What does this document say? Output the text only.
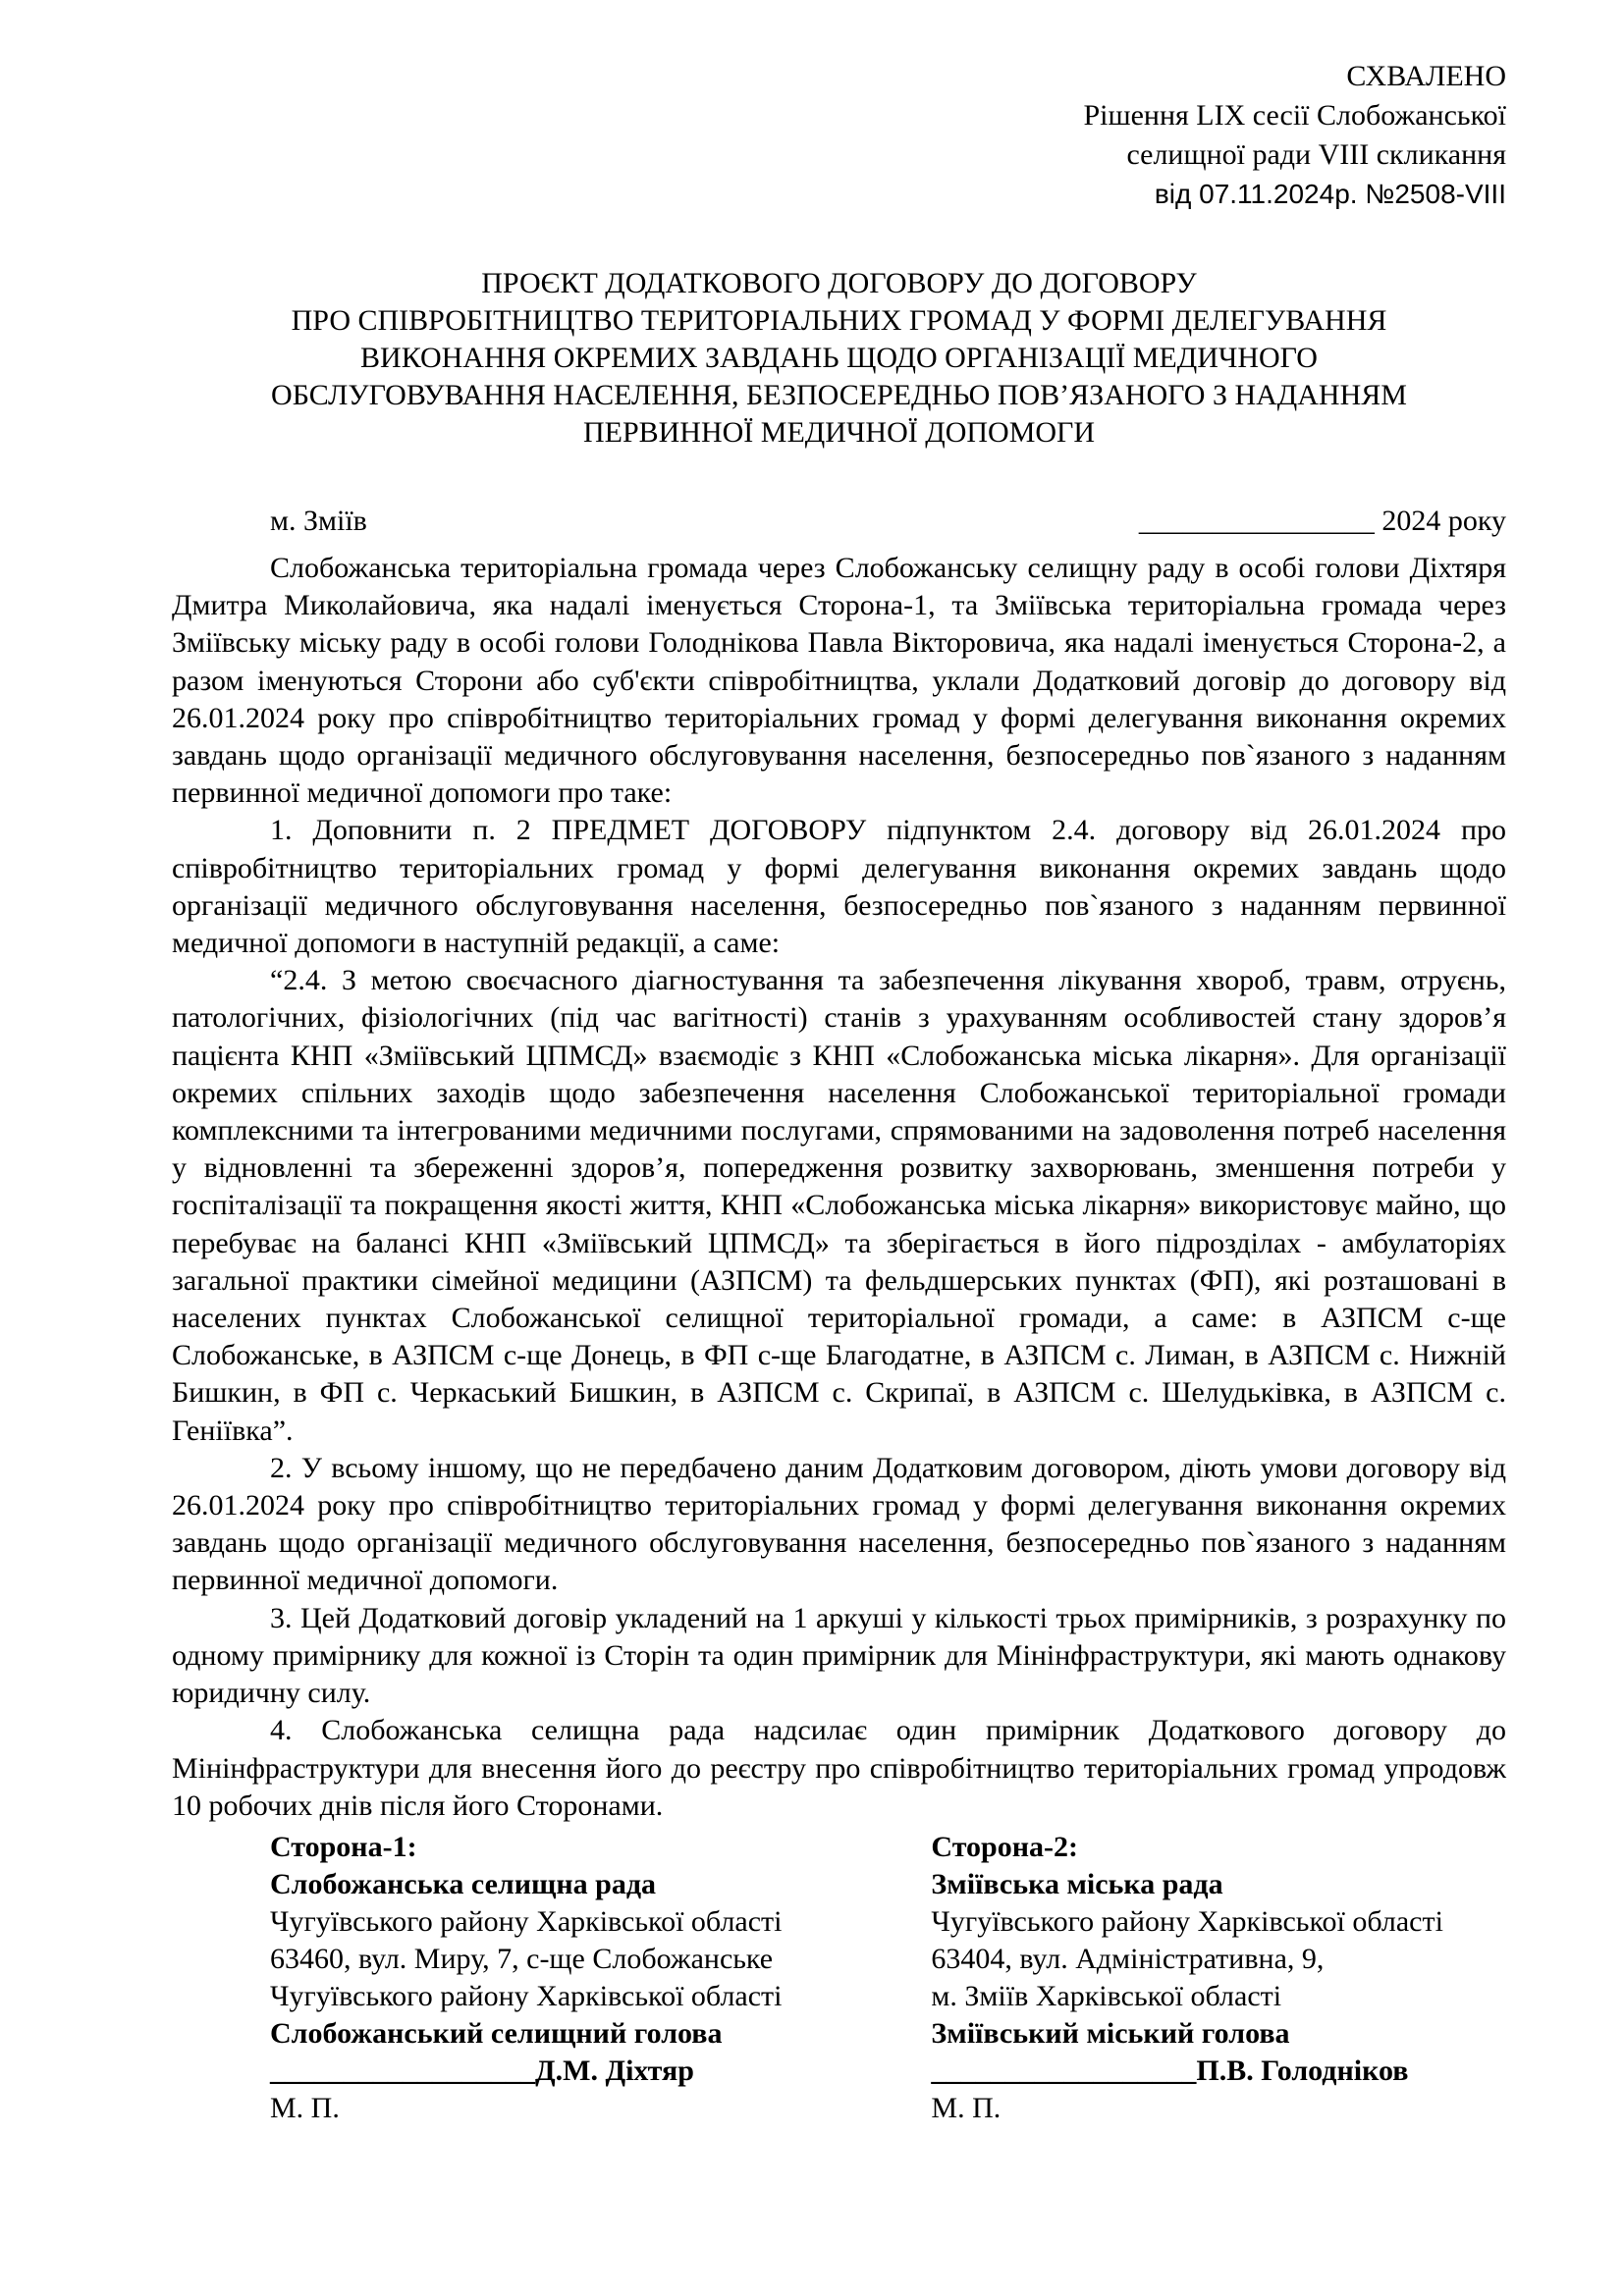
СХВАЛЕНО
Рішення LIX сесії Слобожанської
селищної ради VIII скликання
від 07.11.2024р. №2508-VIII
ПРОЄКТ ДОДАТКОВОГО ДОГОВОРУ ДО ДОГОВОРУ
ПРО СПІВРОБІТНИЦТВО ТЕРИТОРІАЛЬНИХ ГРОМАД У ФОРМІ ДЕЛЕГУВАННЯ
ВИКОНАННЯ ОКРЕМИХ ЗАВДАНЬ ЩОДО ОРГАНІЗАЦІЇ МЕДИЧНОГО
ОБСЛУГОВУВАННЯ НАСЕЛЕННЯ, БЕЗПОСЕРЕДНЬО ПОВ’ЯЗАНОГО З НАДАННЯМ
ПЕРВИННОЇ МЕДИЧНОЇ ДОПОМОГИ
м. Зміїв	________________ 2024 року

Слобожанська територіальна громада через Слобожанську селищну раду в особі голови Діхтяря Дмитра Миколайовича, яка надалі іменується Сторона-1, та Зміївська територіальна громада через Зміївську міську раду в особі голови Голоднікова Павла Вікторовича, яка надалі іменується Сторона-2, а разом іменуються Сторони або суб'єкти співробітництва, уклали Додатковий договір до договору від 26.01.2024 року про співробітництво територіальних громад у формі делегування виконання окремих завдань щодо організації медичного обслуговування населення, безпосередньо пов`язаного з наданням первинної медичної допомоги про таке:

1. Доповнити п. 2 ПРЕДМЕТ ДОГОВОРУ підпунктом 2.4. договору від 26.01.2024 про співробітництво територіальних громад у формі делегування виконання окремих завдань щодо організації медичного обслуговування населення, безпосередньо пов`язаного з наданням первинної медичної допомоги в наступній редакції, а саме:

“2.4. З метою своєчасного діагностування та забезпечення лікування хвороб, травм, отруєнь, патологічних, фізіологічних (під час вагітності) станів з урахуванням особливостей стану здоров’я пацієнта КНП «Зміївський ЦПМСД» взаємодіє з КНП «Слобожанська міська лікарня». Для організації окремих спільних заходів щодо забезпечення населення Слобожанської територіальної громади комплексними та інтегрованими медичними послугами, спрямованими на задоволення потреб населення у відновленні та збереженні здоров’я, попередження розвитку захворювань, зменшення потреби у госпіталізації та покращення якості життя, КНП «Слобожанська міська лікарня» використовує майно, що перебуває на балансі КНП «Зміївський ЦПМСД» та зберігається в його підрозділах - амбулаторіях загальної практики сімейної медицини (АЗПСМ) та фельдшерських пунктах (ФП), які розташовані в населених пунктах Слобожанської селищної територіальної громади, а саме: в АЗПСМ с-ще Слобожанське, в АЗПСМ с-ще Донець, в ФП с-ще Благодатне, в АЗПСМ с. Лиман, в АЗПСМ с. Нижній Бишкин, в ФП с. Черкаський Бишкин, в АЗПСМ с. Скрипаї, в АЗПСМ с. Шелудьківка, в АЗПСМ с. Геніївка”.

2. У всьому іншому, що не передбачено даним Додатковим договором, діють умови договору від 26.01.2024 року про співробітництво територіальних громад у формі делегування виконання окремих завдань щодо організації медичного обслуговування населення, безпосередньо пов`язаного з наданням первинної медичної допомоги.

3. Цей Додатковий договір укладений на 1 аркуші у кількості трьох примірників, з розрахунку по одному примірнику для кожної із Сторін та один примірник для Мінінфраструктури, які мають однакову юридичну силу.

4. Слобожанська селищна рада надсилає один примірник Додаткового договору до Мінінфраструктури для внесення його до реєстру про співробітництво територіальних громад упродовж 10 робочих днів після його Сторонами.

Сторона-1:
Слобожанська селищна рада
Чугуївського району Харківської області
63460, вул. Миру, 7, с-ще Слобожанське
Чугуївського району Харківської області
Слобожанський селищний голова
__________________Д.М. Діхтяр
М. П.
Сторона-2:
Зміївська міська рада
Чугуївського району Харківської області
63404, вул. Адміністративна, 9,
м. Зміїв Харківської області
Зміївський міський голова
__________________П.В. Голодніков
М. П.
